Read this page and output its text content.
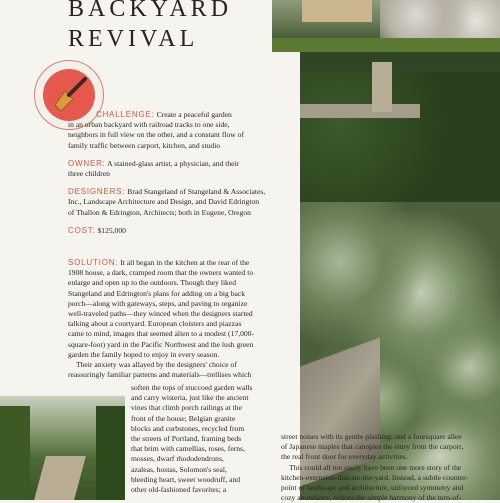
BACKYARD
REVIVAL

CHALLENGE: Create a peaceful garden
in an urban backyard with railroad tracks to one side,
neighbors in full view on the other, and a constant flow of
family traffic between carport, kitchen, and studio

OWNER: A stained-glass artist, a physician, and their
three children

DESIGNERS: Brad Stangeland of Stangeland & Associates,
Inc., Landscape Architecture and Design, and David Edrington
of Thallon & Edrington, Architects; both in Eugene, Oregon

COST: $125,000

SOLUTION: It all began in the kitchen at the rear of the
1908 house, a dark, cramped room that the owners wanted to
enlarge and open up to the outdoors. Though they liked
Stangeland and Edrington's plans for adding on a big back
porch—along with gateways, steps, and paving to organize
well-traveled paths—they winced when the designers started
talking about a courtyard. European cloisters and piazzas
came to mind, images that seemed alien to a modest (17,000-
square-foot) yard in the Pacific Northwest and the lush green
garden the family hoped to enjoy in every season.
Their anxiety was allayed by the designers' choice of
reassuringly familiar patterns and materials—trellises which

soften the tops of stuccoed garden walls
and carry wisteria, just like the ancient
vines that climb porch railings at the
front of the house; Belgian granite
blocks and curbstones, recycled from
the streets of Portland, framing beds
that brim with camellias, roses, ferns,
mosses, dwarf rhododendrons,
azaleas, hostas, Solomon's seal,
bleeding heart, sweet woodruff, and
other old-fashioned favorites; a
street noises with its gentle plashing; and a foursquare allee
of Japanese maples that canopies the entry from the carport,
the real front door for everyday activities.
This could all too easily have been one more story of the
kitchen-extension-that-ate-the-yard. Instead, a subtle counter-
point of landscape and architecture, unforced symmetry and
cozy abundance, echoes the simple harmony of the turn-of-
